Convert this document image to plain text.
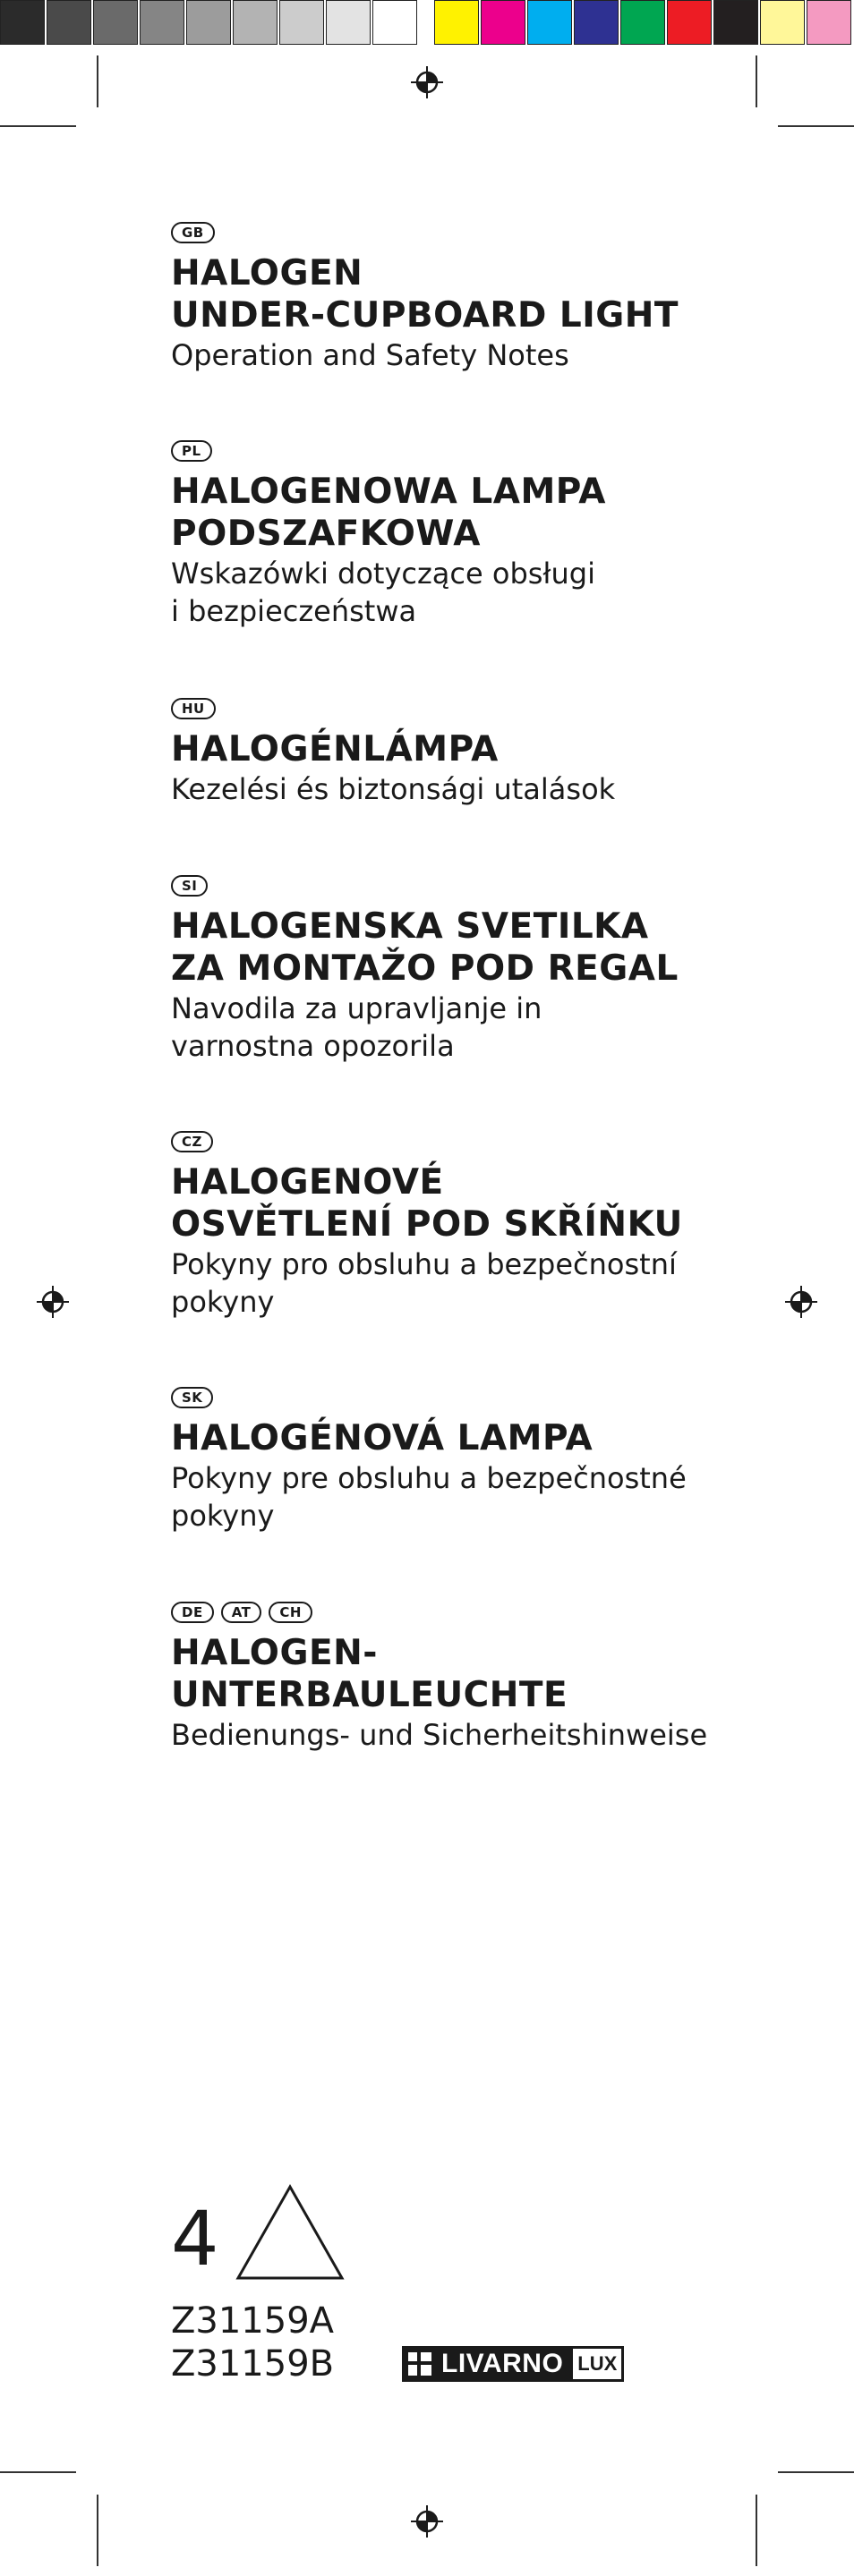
GB
HALOGEN
UNDER-CUPBOARD LIGHT

Operation and Safety Notes

PL
HALOGENOWA LAMPA
PODSZAFKOWA

Wskazówki dotyczące obsługi
i bezpieczeństwa

HU
HALOGÉNLÁMPA

Kezelési és biztonsági utalások

SI
HALOGENSKA SVETILKA
ZA MONTAŽO POD REGAL

Navodila za upravljanje in
varnostna opozorila

CZ
HALOGENOVÉ
OSVĚTLENÍ POD SKŘÍŇKU

Pokyny pro obsluhu a bezpečnostní
pokyny

SK
HALOGÉNOVÁ LAMPA

Pokyny pre obsluhu a bezpečnostné
pokyny

DE	AT	CH
HALOGEN-
UNTERBAULEUCHTE

Bedienungs- und Sicherheitshinweise

4
Z31159A
Z31159B	LIVARNO LUX
